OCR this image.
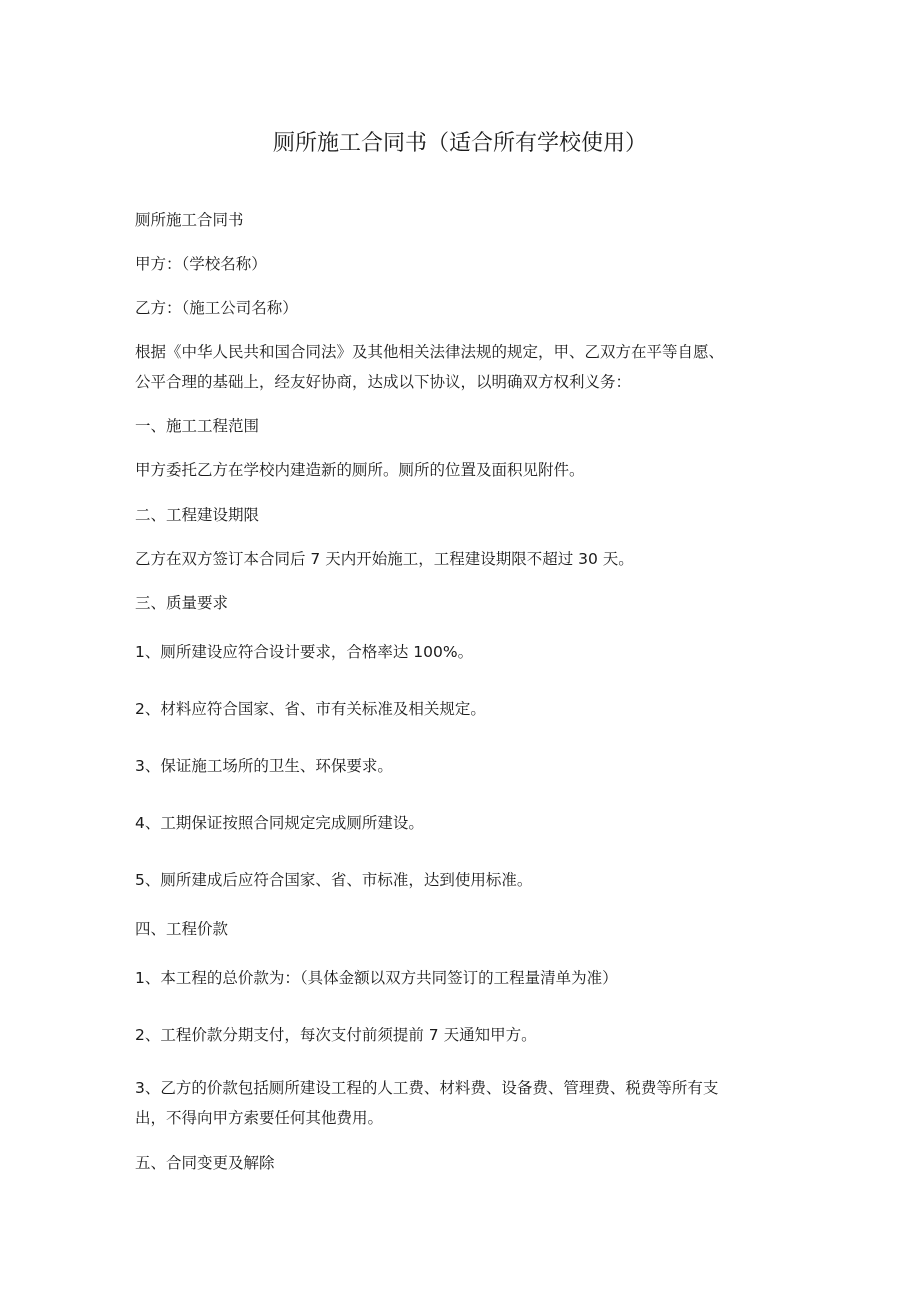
厕所施工合同书（适合所有学校使用）

厕所施工合同书

甲方：（学校名称）

乙方：（施工公司名称）

根据《中华人民共和国合同法》及其他相关法律法规的规定，甲、乙双方在平等自愿、
公平合理的基础上，经友好协商，达成以下协议，以明确双方权利义务：

一、施工工程范围

甲方委托乙方在学校内建造新的厕所。厕所的位置及面积见附件。

二、工程建设期限

乙方在双方签订本合同后 7 天内开始施工，工程建设期限不超过 30 天。

三、质量要求

1、厕所建设应符合设计要求，合格率达 100%。

2、材料应符合国家、省、市有关标准及相关规定。

3、保证施工场所的卫生、环保要求。

4、工期保证按照合同规定完成厕所建设。

5、厕所建成后应符合国家、省、市标准，达到使用标准。

四、工程价款

1、本工程的总价款为：（具体金额以双方共同签订的工程量清单为准）

2、工程价款分期支付，每次支付前须提前 7 天通知甲方。

3、乙方的价款包括厕所建设工程的人工费、材料费、设备费、管理费、税费等所有支
出，不得向甲方索要任何其他费用。

五、合同变更及解除
